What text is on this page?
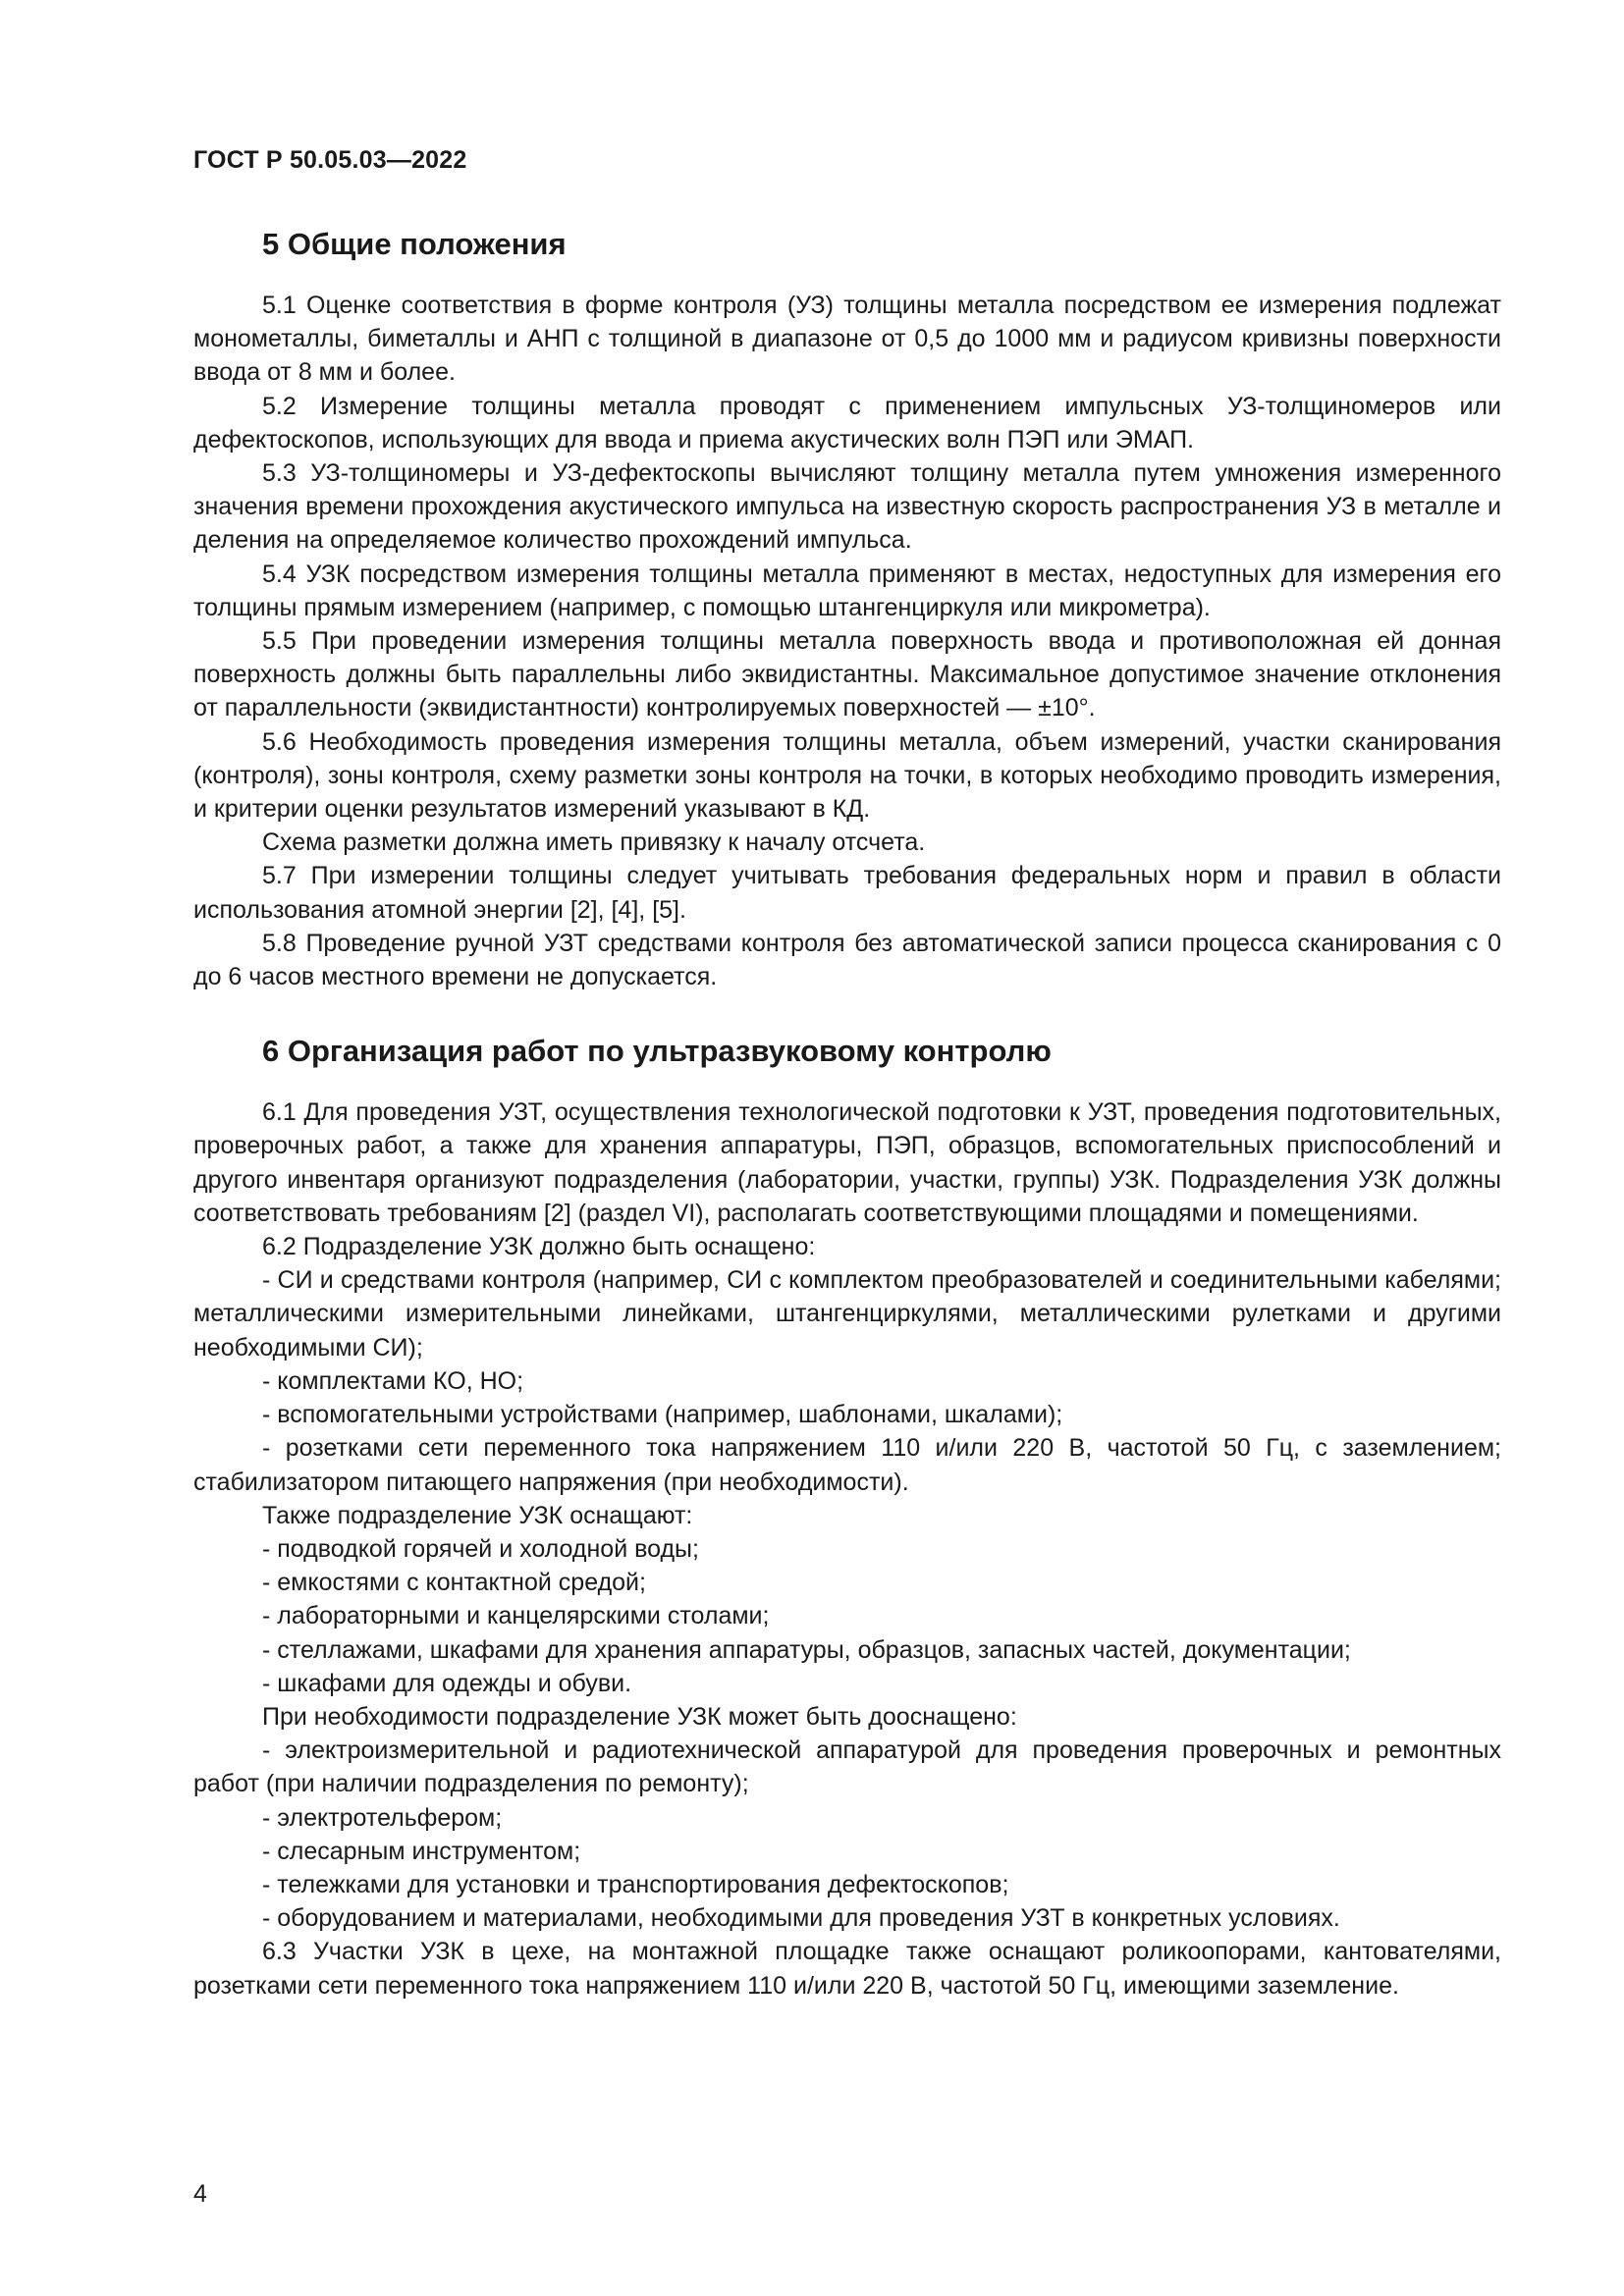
ГОСТ Р 50.05.03—2022
5 Общие положения

5.1 Оценке соответствия в форме контроля (УЗ) толщины металла посредством ее измерения подлежат монометаллы, биметаллы и АНП с толщиной в диапазоне от 0,5 до 1000 мм и радиусом кривизны поверхности ввода от 8 мм и более.

5.2 Измерение толщины металла проводят с применением импульсных УЗ-толщиномеров или дефектоскопов, использующих для ввода и приема акустических волн ПЭП или ЭМАП.

5.3 УЗ-толщиномеры и УЗ-дефектоскопы вычисляют толщину металла путем умножения измеренного значения времени прохождения акустического импульса на известную скорость распространения УЗ в металле и деления на определяемое количество прохождений импульса.

5.4 УЗК посредством измерения толщины металла применяют в местах, недоступных для измерения его толщины прямым измерением (например, с помощью штангенциркуля или микрометра).

5.5 При проведении измерения толщины металла поверхность ввода и противоположная ей донная поверхность должны быть параллельны либо эквидистантны. Максимальное допустимое значение отклонения от параллельности (эквидистантности) контролируемых поверхностей — ±10°.

5.6 Необходимость проведения измерения толщины металла, объем измерений, участки сканирования (контроля), зоны контроля, схему разметки зоны контроля на точки, в которых необходимо проводить измерения, и критерии оценки результатов измерений указывают в КД.

Схема разметки должна иметь привязку к началу отсчета.

5.7 При измерении толщины следует учитывать требования федеральных норм и правил в области использования атомной энергии [2], [4], [5].

5.8 Проведение ручной УЗТ средствами контроля без автоматической записи процесса сканирования с 0 до 6 часов местного времени не допускается.

6 Организация работ по ультразвуковому контролю

6.1 Для проведения УЗТ, осуществления технологической подготовки к УЗТ, проведения подготовительных, проверочных работ, а также для хранения аппаратуры, ПЭП, образцов, вспомогательных приспособлений и другого инвентаря организуют подразделения (лаборатории, участки, группы) УЗК. Подразделения УЗК должны соответствовать требованиям [2] (раздел VI), располагать соответствующими площадями и помещениями.

6.2 Подразделение УЗК должно быть оснащено:

- СИ и средствами контроля (например, СИ с комплектом преобразователей и соединительными кабелями; металлическими измерительными линейками, штангенциркулями, металлическими рулетками и другими необходимыми СИ);

- комплектами КО, НО;

- вспомогательными устройствами (например, шаблонами, шкалами);

- розетками сети переменного тока напряжением 110 и/или 220 В, частотой 50 Гц, с заземлением; стабилизатором питающего напряжения (при необходимости).

Также подразделение УЗК оснащают:

- подводкой горячей и холодной воды;

- емкостями с контактной средой;

- лабораторными и канцелярскими столами;

- стеллажами, шкафами для хранения аппаратуры, образцов, запасных частей, документации;

- шкафами для одежды и обуви.

При необходимости подразделение УЗК может быть дооснащено:

- электроизмерительной и радиотехнической аппаратурой для проведения проверочных и ремонтных работ (при наличии подразделения по ремонту);

- электротельфером;

- слесарным инструментом;

- тележками для установки и транспортирования дефектоскопов;

- оборудованием и материалами, необходимыми для проведения УЗТ в конкретных условиях.

6.3 Участки УЗК в цехе, на монтажной площадке также оснащают роликоопорами, кантователями, розетками сети переменного тока напряжением 110 и/или 220 В, частотой 50 Гц, имеющими заземление.

4
